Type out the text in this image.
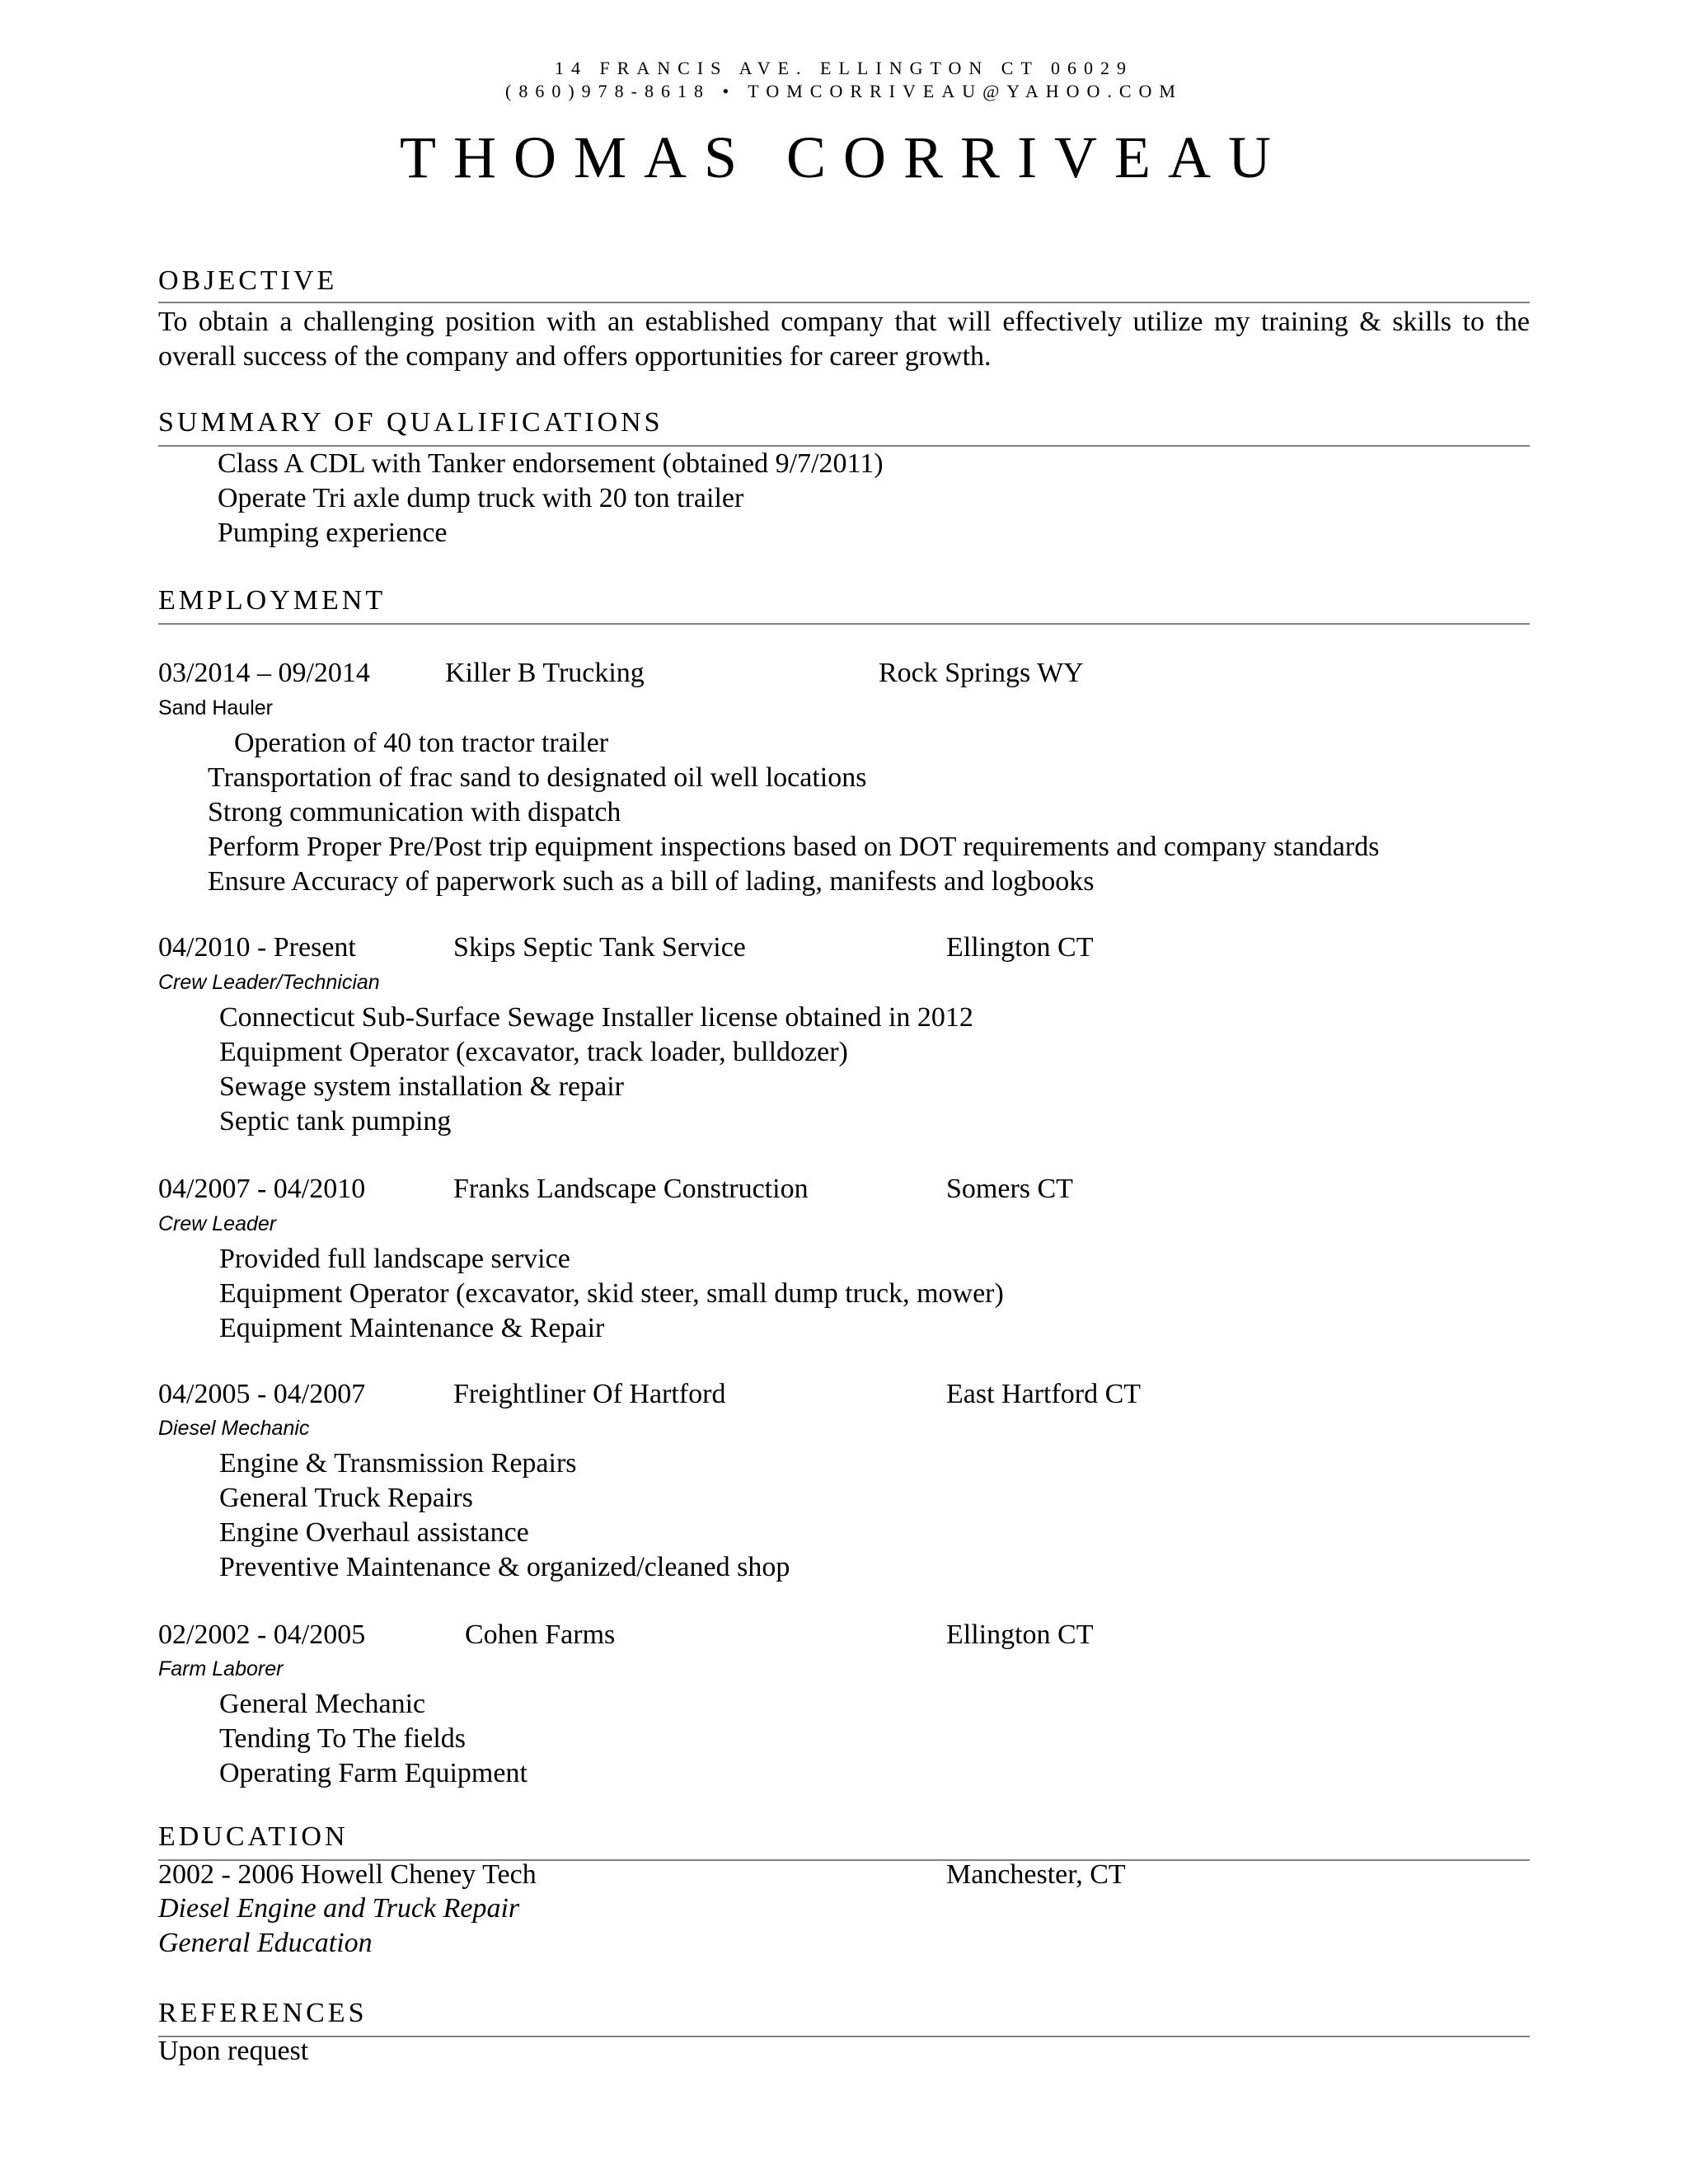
14 FRANCIS AVE. ELLINGTON CT 06029
(860)978-8618 • TOMCORRIVEAU@YAHOO.COM
THOMAS CORRIVEAU
OBJECTIVE
To obtain a challenging position with an established company that will effectively utilize my training & skills to the overall success of the company and offers opportunities for career growth.
SUMMARY OF QUALIFICATIONS
Class A CDL with Tanker endorsement (obtained 9/7/2011)
Operate Tri axle dump truck with 20 ton trailer
Pumping experience
EMPLOYMENT
03/2014 – 09/2014	Killer B Trucking	Rock Springs WY
Sand Hauler
Operation of 40 ton tractor trailer
Transportation of frac sand to designated oil well locations
Strong communication with dispatch
Perform Proper Pre/Post trip equipment inspections based on DOT requirements and company standards
Ensure Accuracy of paperwork such as a bill of lading, manifests and logbooks
04/2010 - Present	Skips Septic Tank Service	Ellington CT
Crew Leader/Technician
Connecticut Sub-Surface Sewage Installer license obtained in 2012
Equipment Operator (excavator, track loader, bulldozer)
Sewage system installation & repair
Septic tank pumping
04/2007 - 04/2010	Franks Landscape Construction	Somers CT
Crew Leader
Provided full landscape service
Equipment Operator (excavator, skid steer, small dump truck, mower)
Equipment Maintenance & Repair
04/2005 - 04/2007	Freightliner Of Hartford	East Hartford CT
Diesel Mechanic
Engine & Transmission Repairs
General Truck Repairs
Engine Overhaul assistance
Preventive Maintenance & organized/cleaned shop
02/2002 - 04/2005	Cohen Farms	Ellington CT
Farm Laborer
General Mechanic
Tending To The fields
Operating Farm Equipment
EDUCATION
2002 - 2006 Howell Cheney Tech	Manchester, CT
Diesel Engine and Truck Repair
General Education
REFERENCES
Upon request
